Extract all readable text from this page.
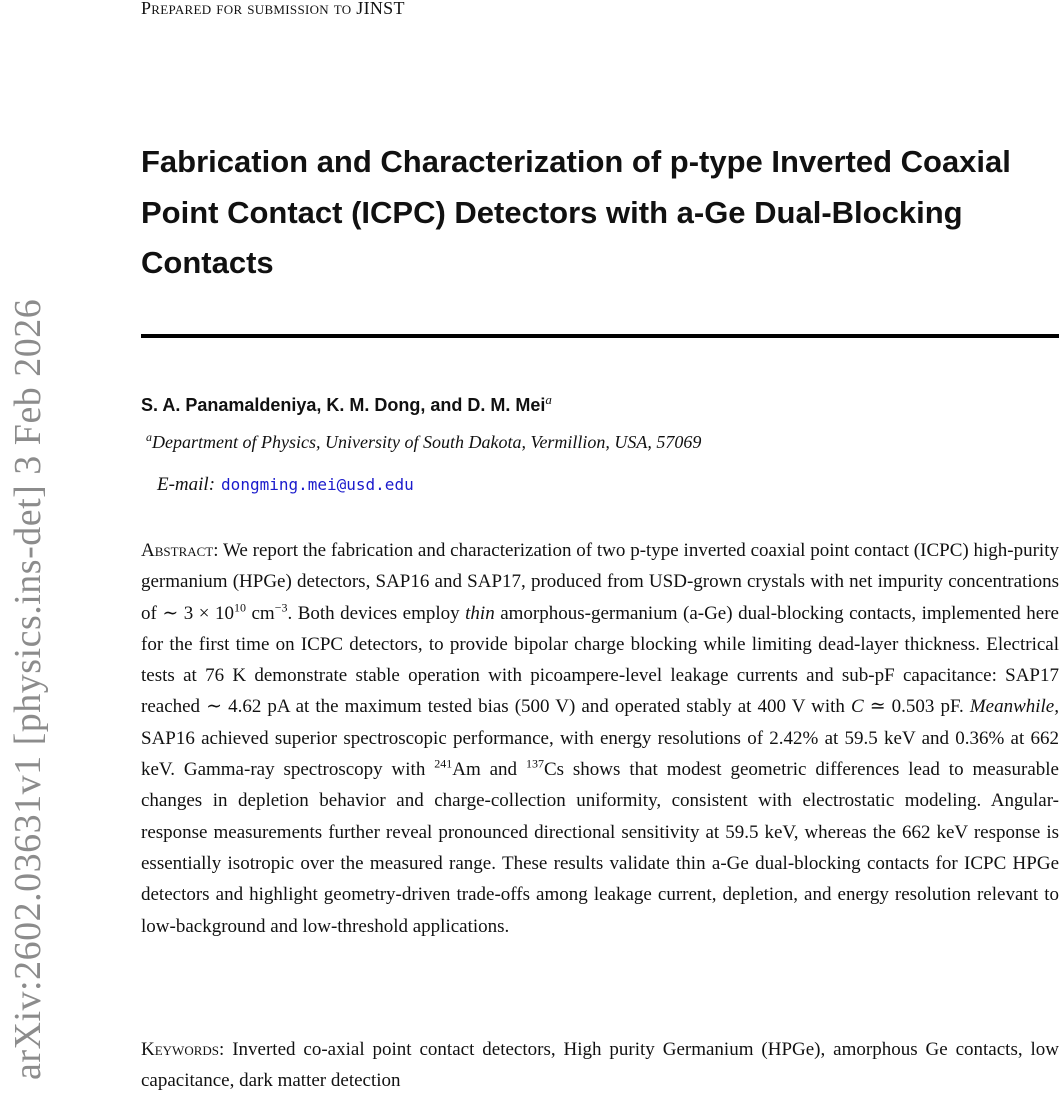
arXiv:2602.03631v1 [physics.ins-det] 3 Feb 2026
Prepared for submission to JINST
Fabrication and Characterization of p-type Inverted Coaxial Point Contact (ICPC) Detectors with a-Ge Dual-Blocking Contacts
S. A. Panamaldeniya, K. M. Dong, and D. M. Mei$^a$
$^a$Department of Physics, University of South Dakota, Vermillion, USA, 57069
E-mail: dongming.mei@usd.edu
Abstract: We report the fabrication and characterization of two p-type inverted coaxial point contact (ICPC) high-purity germanium (HPGe) detectors, SAP16 and SAP17, produced from USD-grown crystals with net impurity concentrations of ∼ $3 \times 10^{10}$ $cm^{-3}$. Both devices employ thin amorphous-germanium (a-Ge) dual-blocking contacts, implemented here for the first time on ICPC detectors, to provide bipolar charge blocking while limiting dead-layer thickness. Electrical tests at 76 K demonstrate stable operation with picoampere-level leakage currents and sub-pF capacitance: SAP17 reached ∼ 4.62 pA at the maximum tested bias (500 V) and operated stably at 400 V with C ≃ 0.503 pF. Meanwhile, SAP16 achieved superior spectroscopic performance, with energy resolutions of 2.42% at 59.5 keV and 0.36% at 662 keV. Gamma-ray spectroscopy with $^{241}$Am and $^{137}$Cs shows that modest geometric differences lead to measurable changes in depletion behavior and charge-collection uniformity, consistent with electrostatic modeling. Angular-response measurements further reveal pronounced directional sensitivity at 59.5 keV, whereas the 662 keV response is essentially isotropic over the measured range. These results validate thin a-Ge dual-blocking contacts for ICPC HPGe detectors and highlight geometry-driven trade-offs among leakage current, depletion, and energy resolution relevant to low-background and low-threshold applications.
Keywords: Inverted co-axial point contact detectors, High purity Germanium (HPGe), amorphous Ge contacts, low capacitance, dark matter detection
